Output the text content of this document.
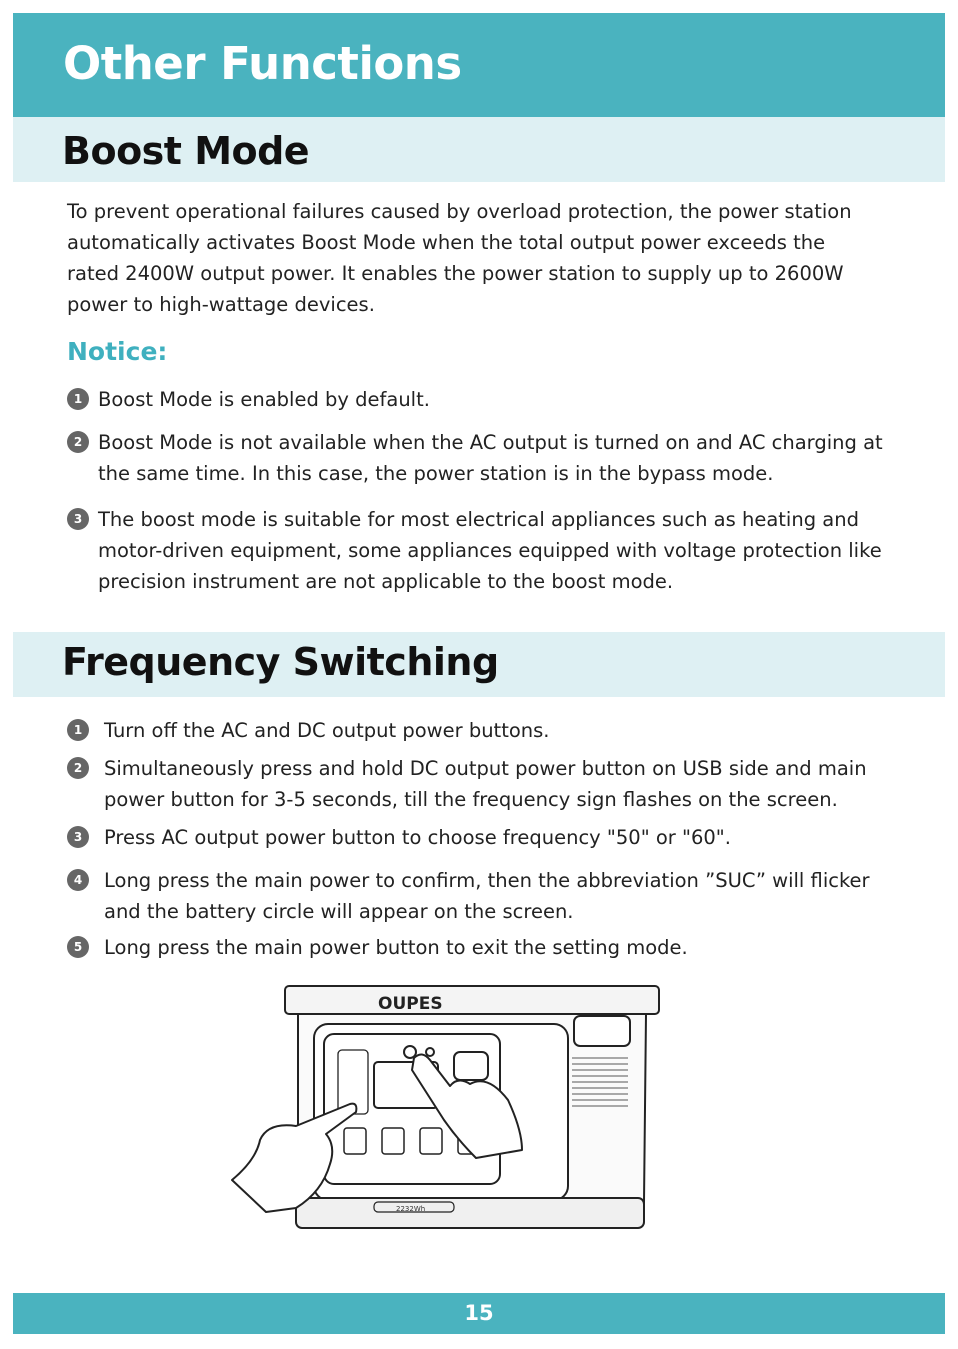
Other Functions
Boost Mode

To prevent operational failures caused by overload protection, the power station automatically activates Boost Mode when the total output power exceeds the rated 2400W output power. It enables the power station to supply up to 2600W power to high-wattage devices.

Notice:
1 Boost Mode is enabled by default.
2 Boost Mode is not available when the AC output is turned on and AC charging at the same time. In this case, the power station is in the bypass mode.
3 The boost mode is suitable for most electrical appliances such as heating and motor-driven equipment, some appliances equipped with voltage protection like precision instrument are not applicable to the boost mode.
Frequency Switching
1	Turn off the AC and DC output power buttons.
2	Simultaneously press and hold DC output power button on USB side and main power button for 3-5 seconds, till the frequency sign flashes on the screen.
3	Press AC output power button to choose frequency "50" or "60".
4	Long press the main power to confirm, then the abbreviation ”SUC” will flicker and the battery circle will appear on the screen.
5	Long press the main power button to exit the setting mode.
OUPES
2232Wh
15
